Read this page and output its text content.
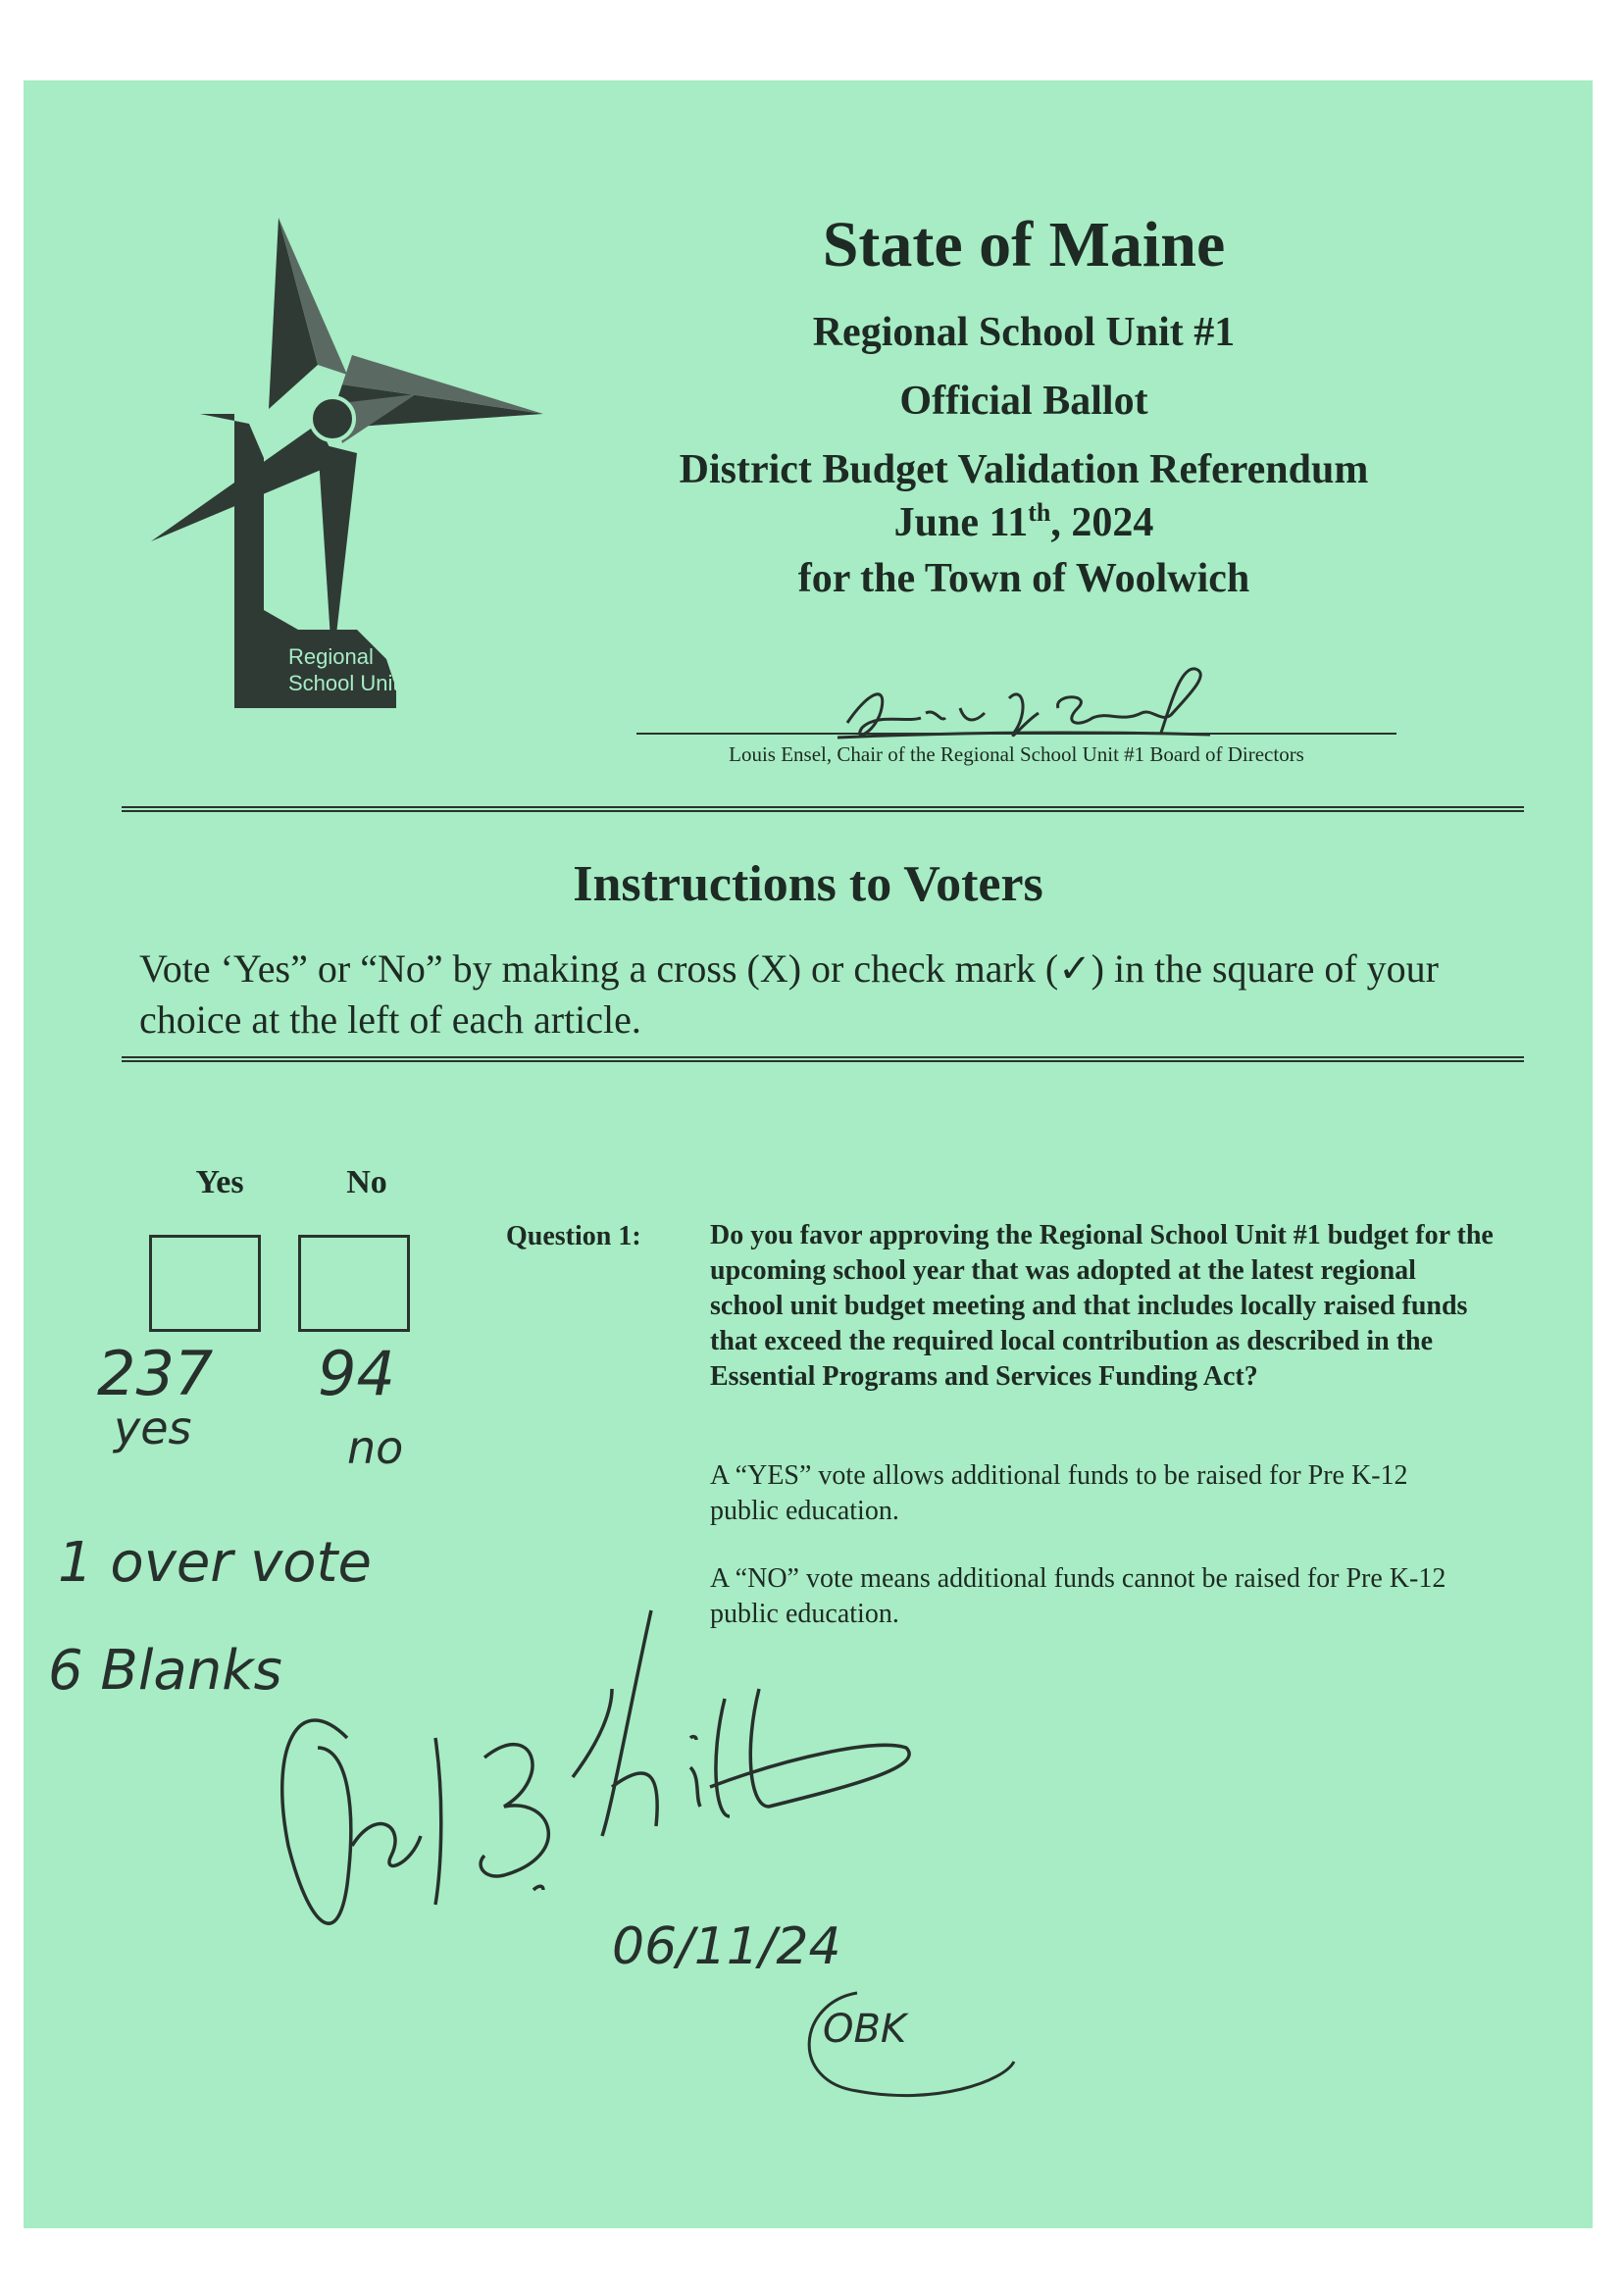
RSU1 Regional
School Unit

State of Maine

Regional School Unit #1

Official Ballot

District Budget Validation Referendum

June 11th, 2024

for the Town of Woolwich

Louis Ensel, Chair of the Regional School Unit #1 Board of Directors

Instructions to Voters

Vote ‘Yes” or “No” by making a cross (X) or check mark (✓) in the square of your choice at the left of each article.
Yes	No
Question 1:	Do you favor approving the Regional School Unit #1 budget for the upcoming school year that was adopted at the latest regional school unit budget meeting and that includes locally raised funds that exceed the required local contribution as described in the Essential Programs and Services Funding Act?
A “YES” vote allows additional funds to be raised for Pre K-12 public education.
A “NO” vote means additional funds cannot be raised for Pre K-12 public education.
237
yes
94
no
1 over vote
6 Blanks
06/11/24
OBK
